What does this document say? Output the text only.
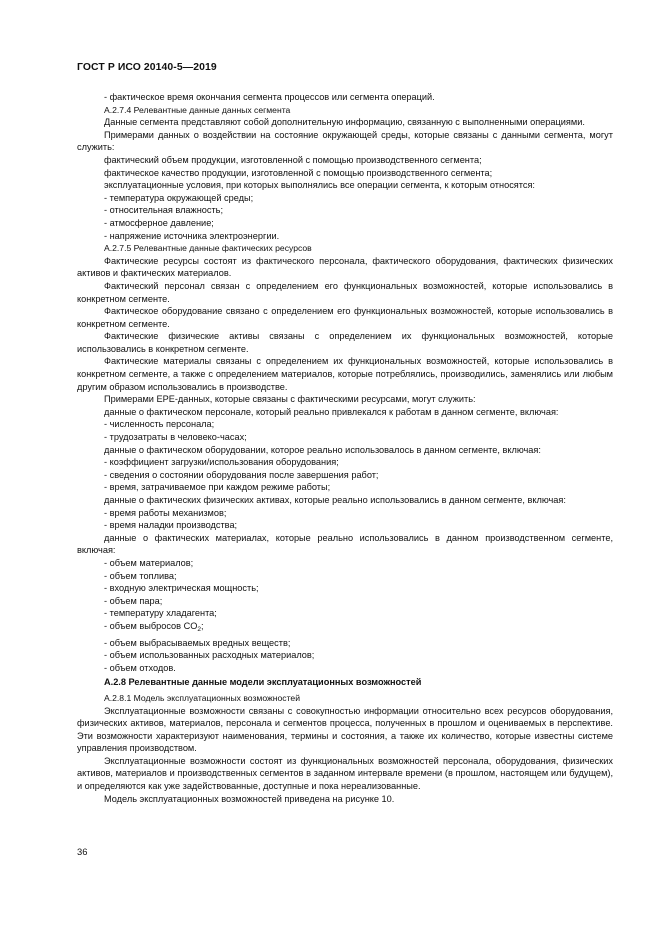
ГОСТ Р ИСО 20140-5—2019

- фактическое время окончания сегмента процессов или сегмента операций.

А.2.7.4 Релевантные данные данных сегмента

Данные сегмента представляют собой дополнительную информацию, связанную с выполненными операциями.

Примерами данных о воздействии на состояние окружающей среды, которые связаны с данными сегмента, могут служить:

фактический объем продукции, изготовленной с помощью производственного сегмента;

фактическое качество продукции, изготовленной с помощью производственного сегмента;

эксплуатационные условия, при которых выполнялись все операции сегмента, к которым относятся:

- температура окружающей среды;

- относительная влажность;

- атмосферное давление;

- напряжение источника электроэнергии.

А.2.7.5 Релевантные данные фактических ресурсов

Фактические ресурсы состоят из фактического персонала, фактического оборудования, фактических физических активов и фактических материалов.

Фактический персонал связан с определением его функциональных возможностей, которые использовались в конкретном сегменте.

Фактическое оборудование связано с определением его функциональных возможностей, которые использовались в конкретном сегменте.

Фактические физические активы связаны с определением их функциональных возможностей, которые использовались в конкретном сегменте.

Фактические материалы связаны с определением их функциональных возможностей, которые использовались в конкретном сегменте, а также с определением материалов, которые потреблялись, производились, заменялись или любым другим образом использовались в производстве.

Примерами ЕРЕ-данных, которые связаны с фактическими ресурсами, могут служить:

данные о фактическом персонале, который реально привлекался к работам в данном сегменте, включая:

- численность персонала;

- трудозатраты в человеко-часах;

данные о фактическом оборудовании, которое реально использовалось в данном сегменте, включая:

- коэффициент загрузки/использования оборудования;

- сведения о состоянии оборудования после завершения работ;

- время, затрачиваемое при каждом режиме работы;

данные о фактических физических активах, которые реально использовались в данном сегменте, включая:

- время работы механизмов;

- время наладки производства;

данные о фактических материалах, которые реально использовались в данном производственном сегменте, включая:

- объем материалов;

- объем топлива;

- входную электрическая мощность;

- объем пара;

- температуру хладагента;

- объем выбросов $CO_2$;

- объем выбрасываемых вредных веществ;

- объем использованных расходных материалов;

- объем отходов.

А.2.8 Релевантные данные модели эксплуатационных возможностей

А.2.8.1 Модель эксплуатационных возможностей

Эксплуатационные возможности связаны с совокупностью информации относительно всех ресурсов оборудования, физических активов, материалов, персонала и сегментов процесса, полученных в прошлом и оцениваемых в перспективе. Эти возможности характеризуют наименования, термины и состояния, а также их количество, которые известны системе управления производством.

Эксплуатационные возможности состоят из функциональных возможностей персонала, оборудования, физических активов, материалов и производственных сегментов в заданном интервале времени (в прошлом, настоящем или будущем), и определяются как уже задействованные, доступные и пока нереализованные.

Модель эксплуатационных возможностей приведена на рисунке 10.

36
